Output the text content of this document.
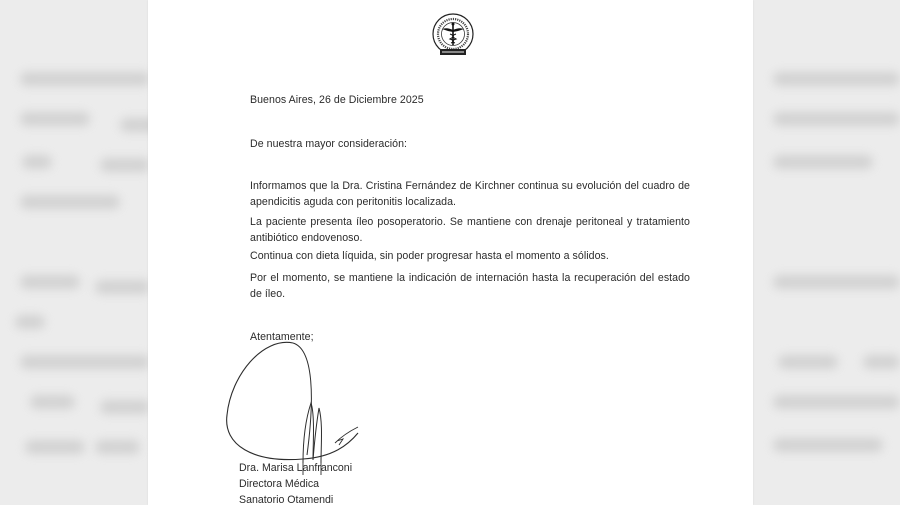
Buenos Aires, 26 de Diciembre 2025
De nuestra mayor consideración:
Informamos que la Dra. Cristina Fernández de Kirchner continua su evolución del cuadro de apendicitis aguda con peritonitis localizada.
La paciente presenta íleo posoperatorio. Se mantiene con drenaje peritoneal y tratamiento antibiótico endovenoso.
Continua con dieta líquida, sin poder progresar hasta el momento a sólidos.
Por el momento, se mantiene la indicación de internación hasta la recuperación del estado de íleo.
Atentamente;
Dra. Marisa Lanfranconi
Directora Médica
Sanatorio Otamendi
